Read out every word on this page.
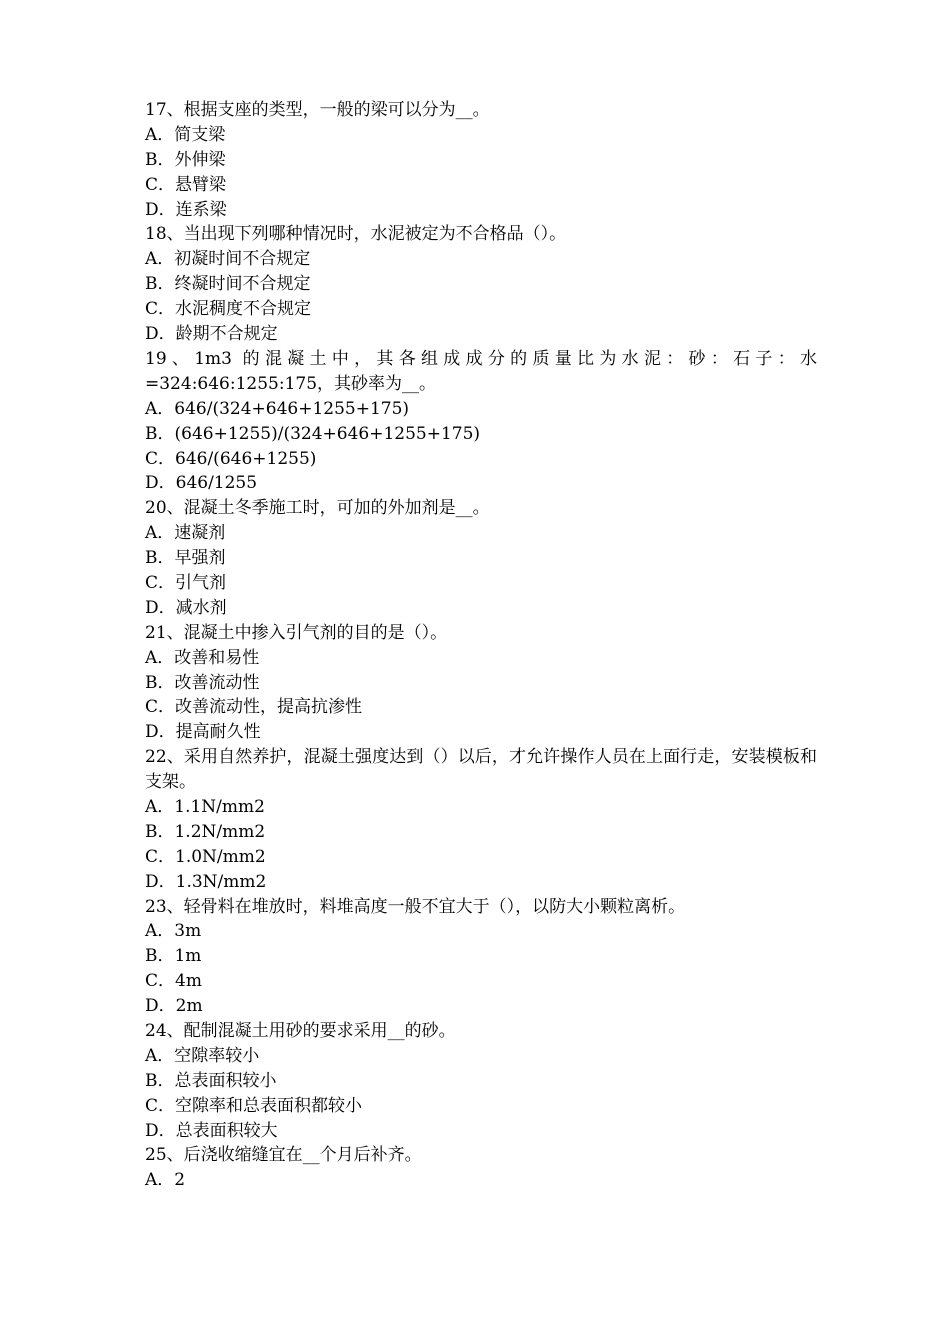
17、根据支座的类型，一般的梁可以分为__。
A．简支梁
B．外伸梁
C．悬臂梁
D．连系梁
18、当出现下列哪种情况时，水泥被定为不合格品（）。
A．初凝时间不合规定
B．终凝时间不合规定
C．水泥稠度不合规定
D．龄期不合规定
19、1m3 的混凝土中，其各组成成分的质量比为水泥：砂：石子：水=324:646:1255:175，其砂率为__。
A．646/(324+646+1255+175)
B．(646+1255)/(324+646+1255+175)
C．646/(646+1255)
D．646/1255
20、混凝土冬季施工时，可加的外加剂是__。
A．速凝剂
B．早强剂
C．引气剂
D．减水剂
21、混凝土中掺入引气剂的目的是（）。
A．改善和易性
B．改善流动性
C．改善流动性，提高抗渗性
D．提高耐久性
22、采用自然养护，混凝土强度达到（）以后，才允许操作人员在上面行走，安装模板和支架。
A．1.1N/mm2
B．1.2N/mm2
C．1.0N/mm2
D．1.3N/mm2
23、轻骨料在堆放时，料堆高度一般不宜大于（），以防大小颗粒离析。
A．3m
B．1m
C．4m
D．2m
24、配制混凝土用砂的要求采用__的砂。
A．空隙率较小
B．总表面积较小
C．空隙率和总表面积都较小
D．总表面积较大
25、后浇收缩缝宜在__个月后补齐。
A．2
